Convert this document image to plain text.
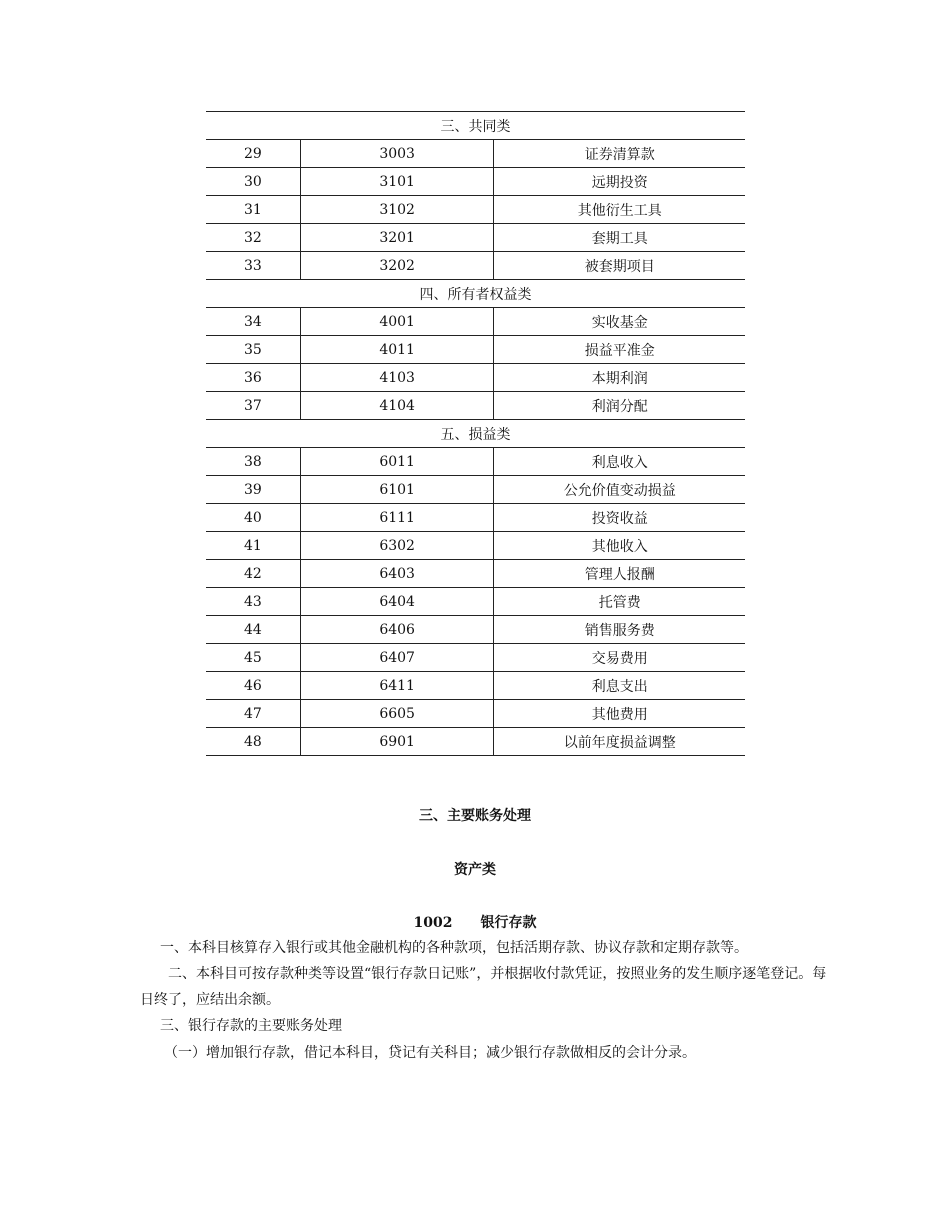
三、共同类		
29	3003	证券清算款
30	3101	远期投资
31	3102	其他衍生工具
32	3201	套期工具
33	3202	被套期项目
四、所有者权益类		
34	4001	实收基金
35	4011	损益平准金
36	4103	本期利润
37	4104	利润分配
五、损益类		
38	6011	利息收入
39	6101	公允价值变动损益
40	6111	投资收益
41	6302	其他收入
42	6403	管理人报酬
43	6404	托管费
44	6406	销售服务费
45	6407	交易费用
46	6411	利息支出
47	6605	其他费用
48	6901	以前年度损益调整
三、主要账务处理
资产类
1002　　银行存款
一、本科目核算存入银行或其他金融机构的各种款项，包括活期存款、协议存款和定期存款等。
二、本科目可按存款种类等设置“银行存款日记账”，并根据收付款凭证，按照业务的发生顺序逐笔登记。每日终了，应结出余额。
三、银行存款的主要账务处理
（一）增加银行存款，借记本科目，贷记有关科目；减少银行存款做相反的会计分录。
